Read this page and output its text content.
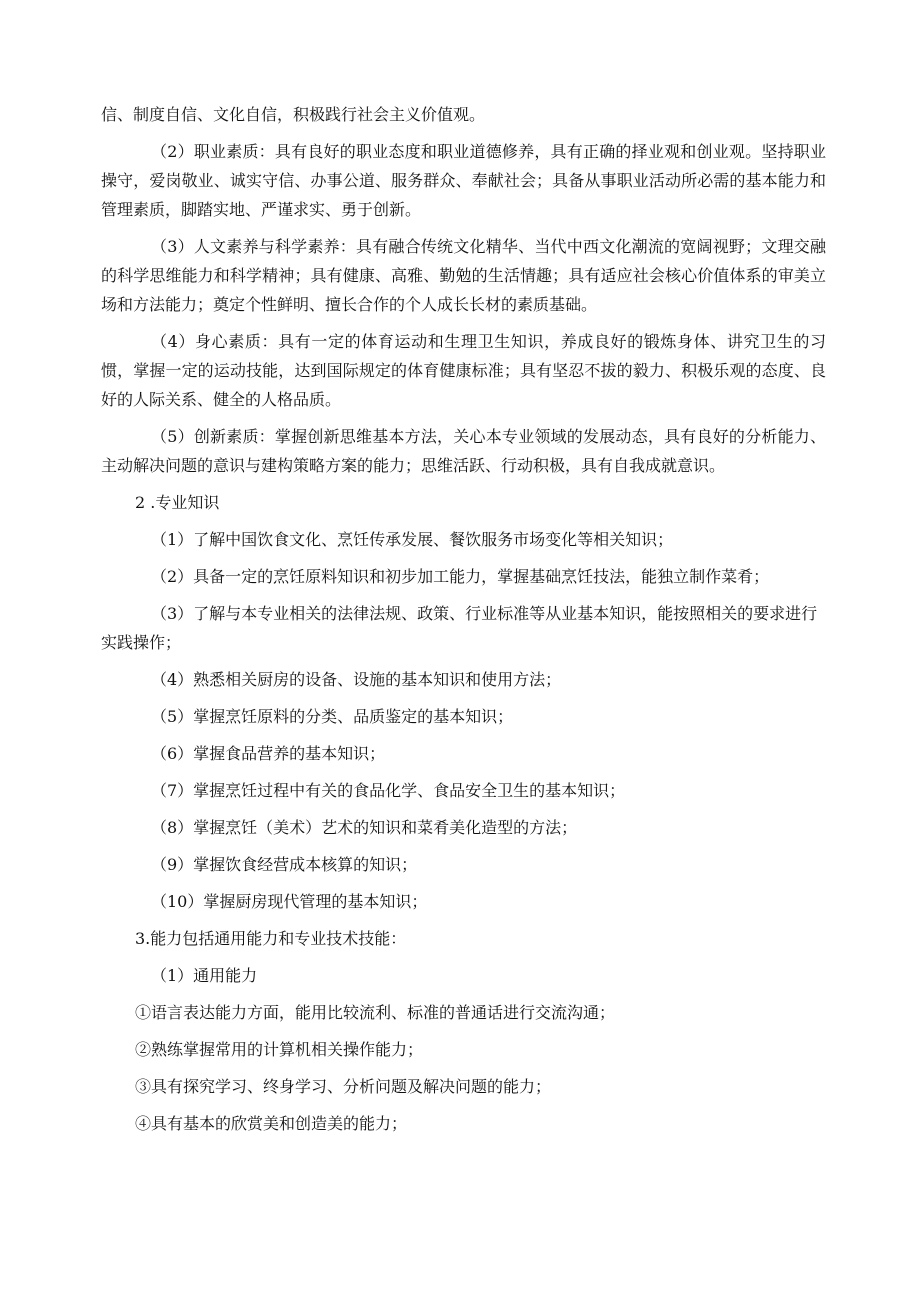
信、制度自信、文化自信，积极践行社会主义价值观。

（2）职业素质：具有良好的职业态度和职业道德修养，具有正确的择业观和创业观。坚持职业操守，爱岗敬业、诚实守信、办事公道、服务群众、奉献社会；具备从事职业活动所必需的基本能力和管理素质，脚踏实地、严谨求实、勇于创新。

（3）人文素养与科学素养：具有融合传统文化精华、当代中西文化潮流的宽阔视野；文理交融的科学思维能力和科学精神；具有健康、高雅、勤勉的生活情趣；具有适应社会核心价值体系的审美立场和方法能力；奠定个性鲜明、擅长合作的个人成长长材的素质基础。

（4）身心素质：具有一定的体育运动和生理卫生知识，养成良好的锻炼身体、讲究卫生的习惯，掌握一定的运动技能，达到国际规定的体育健康标准；具有坚忍不拔的毅力、积极乐观的态度、良好的人际关系、健全的人格品质。

（5）创新素质：掌握创新思维基本方法，关心本专业领域的发展动态，具有良好的分析能力、主动解决问题的意识与建构策略方案的能力；思维活跃、行动积极，具有自我成就意识。

2 .专业知识

（1）了解中国饮食文化、烹饪传承发展、餐饮服务市场变化等相关知识；

（2）具备一定的烹饪原料知识和初步加工能力，掌握基础烹饪技法，能独立制作菜肴；

（3）了解与本专业相关的法律法规、政策、行业标准等从业基本知识，能按照相关的要求进行实践操作；

（4）熟悉相关厨房的设备、设施的基本知识和使用方法；

（5）掌握烹饪原料的分类、品质鉴定的基本知识；

（6）掌握食品营养的基本知识；

（7）掌握烹饪过程中有关的食品化学、食品安全卫生的基本知识；

（8）掌握烹饪（美术）艺术的知识和菜肴美化造型的方法；

（9）掌握饮食经营成本核算的知识；

（10）掌握厨房现代管理的基本知识；

3.能力包括通用能力和专业技术技能：

（1）通用能力

①语言表达能力方面，能用比较流利、标准的普通话进行交流沟通；

②熟练掌握常用的计算机相关操作能力；

③具有探究学习、终身学习、分析问题及解决问题的能力；

④具有基本的欣赏美和创造美的能力；
